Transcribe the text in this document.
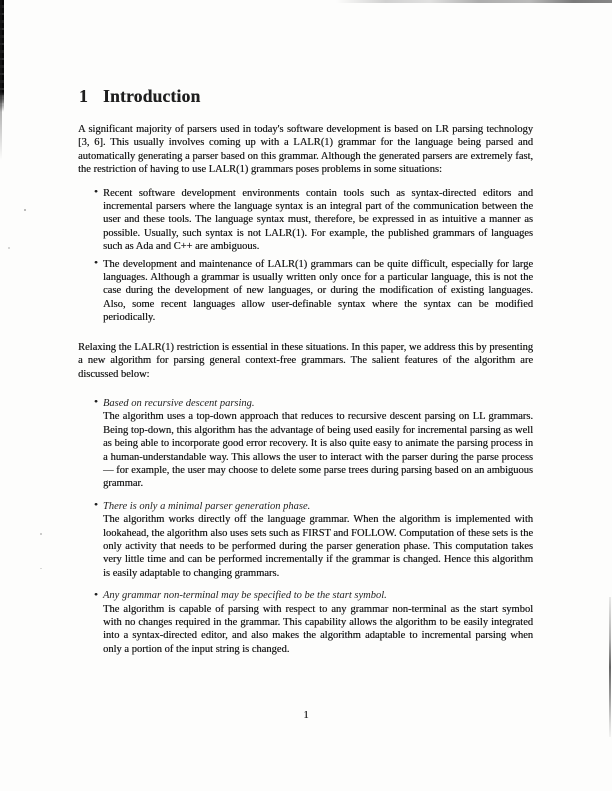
1 Introduction

A significant majority of parsers used in today's software development is based on LR parsing technology [3, 6]. This usually involves coming up with a LALR(1) grammar for the language being parsed and automatically generating a parser based on this grammar. Although the generated parsers are extremely fast, the restriction of having to use LALR(1) grammars poses problems in some situations:

• Recent software development environments contain tools such as syntax-directed editors and incremental parsers where the language syntax is an integral part of the communication between the user and these tools. The language syntax must, therefore, be expressed in as intuitive a manner as possible. Usually, such syntax is not LALR(1). For example, the published grammars of languages such as Ada and C++ are ambiguous.
• The development and maintenance of LALR(1) grammars can be quite difficult, especially for large languages. Although a grammar is usually written only once for a particular language, this is not the case during the development of new languages, or during the modification of existing languages. Also, some recent languages allow user-definable syntax where the syntax can be modified periodically.

Relaxing the LALR(1) restriction is essential in these situations. In this paper, we address this by presenting a new algorithm for parsing general context-free grammars. The salient features of the algorithm are discussed below:

• Based on recursive descent parsing.
The algorithm uses a top-down approach that reduces to recursive descent parsing on LL grammars. Being top-down, this algorithm has the advantage of being used easily for incremental parsing as well as being able to incorporate good error recovery. It is also quite easy to animate the parsing process in a human-understandable way. This allows the user to interact with the parser during the parse process — for example, the user may choose to delete some parse trees during parsing based on an ambiguous grammar.
• There is only a minimal parser generation phase.
The algorithm works directly off the language grammar. When the algorithm is implemented with lookahead, the algorithm also uses sets such as FIRST and FOLLOW. Computation of these sets is the only activity that needs to be performed during the parser generation phase. This computation takes very little time and can be performed incrementally if the grammar is changed. Hence this algorithm is easily adaptable to changing grammars.
• Any grammar non-terminal may be specified to be the start symbol.
The algorithm is capable of parsing with respect to any grammar non-terminal as the start symbol with no changes required in the grammar. This capability allows the algorithm to be easily integrated into a syntax-directed editor, and also makes the algorithm adaptable to incremental parsing when only a portion of the input string is changed.
1
